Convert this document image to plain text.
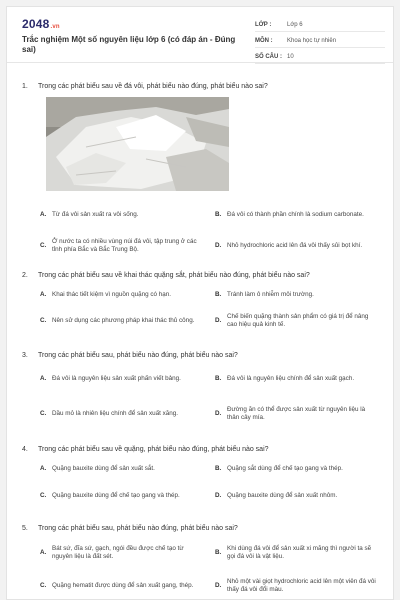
2048.vn
Trắc nghiệm Một số nguyên liệu lớp 6 (có đáp án - Đúng sai)
LỚP :	Lớp 6
MÔN :	Khoa học tự nhiên
SỐ CÂU : 10
1.	Trong các phát biểu sau về đá vôi, phát biểu nào đúng, phát biểu nào sai?
A. Từ đá vôi sản xuất ra vôi sống.	B. Đá vôi có thành phần chính là sodium carbonate.
C.
Ở nước ta có nhiều vùng núi đá vôi, tập trung ở các tỉnh phía Bắc và Bắc Trung Bộ.
D. Nhỏ hydrochloric acid lên đá vôi thấy sủi bọt khí.
2.	Trong các phát biểu sau về khai thác quặng sắt, phát biểu nào đúng, phát biểu nào sai?
A. Khai thác tiết kiệm vì nguồn quặng có hạn.	B. Tránh làm ô nhiễm môi trường.
C. Nên sử dụng các phương pháp khai thác thủ công.	D.
Chế biến quặng thành sản phẩm có giá trị để nâng cao hiệu quả kinh tế.
3.	Trong các phát biểu sau, phát biểu nào đúng, phát biểu nào sai?
A. Đá vôi là nguyên liệu sản xuất phấn viết bảng.	B. Đá vôi là nguyên liệu chính để sản xuất gạch.
C. Dầu mỏ là nhiên liệu chính để sản xuất xăng.	D.
Đường ăn có thể được sản xuất từ nguyên liệu là thân cây mía.
4.	Trong các phát biểu sau về quặng, phát biểu nào đúng, phát biểu nào sai?
A. Quặng bauxite dùng để sản xuất sắt.	B. Quặng sắt dùng để chế tạo gang và thép.
C. Quặng bauxite dùng để chế tạo gang và thép.	D. Quặng bauxite dùng để sản xuất nhôm.
5.	Trong các phát biểu sau, phát biểu nào đúng, phát biểu nào sai?
A.
Bát sứ, đĩa sứ, gạch, ngói đều được chế tạo từ nguyên liệu là đất sét.
B.
Khi dùng đá vôi để sản xuất xi măng thì người ta sẽ gọi đá vôi là vật liệu.
C. Quặng hematit được dùng để sản xuất gang, thép.	D.
Nhỏ một vài giọt hydrochloric acid lên một viên đá vôi thấy đá vôi đổi màu.
